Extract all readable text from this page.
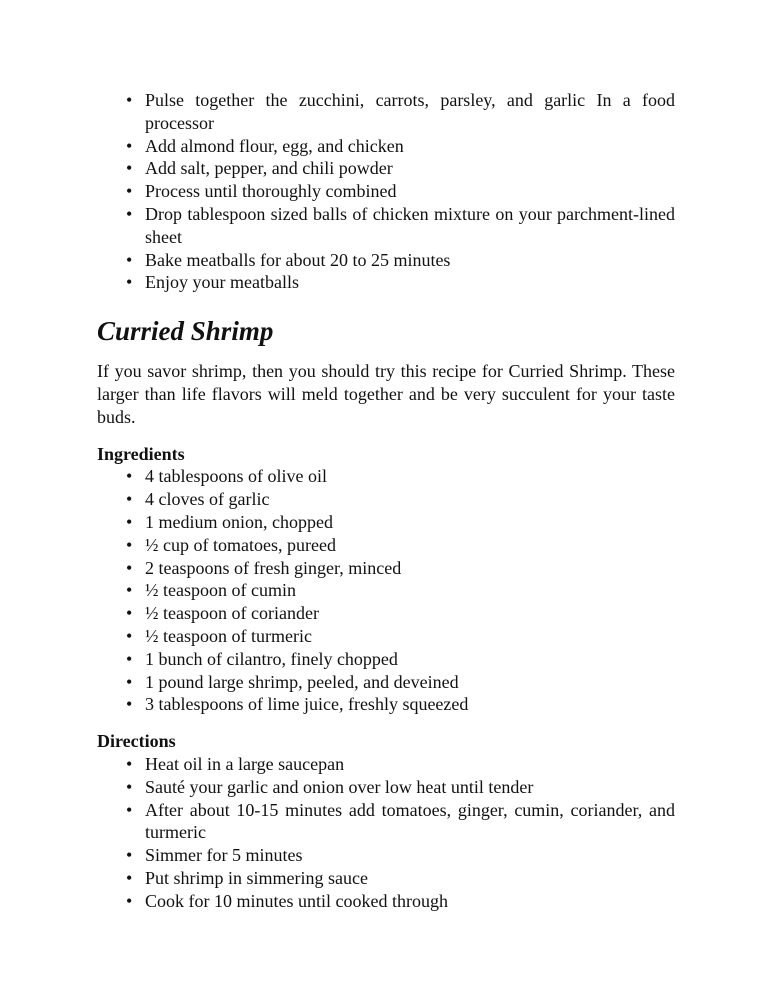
• Pulse together the zucchini, carrots, parsley, and garlic In a food processor
• Add almond flour, egg, and chicken
• Add salt, pepper, and chili powder
• Process until thoroughly combined
• Drop tablespoon sized balls of chicken mixture on your parchment-lined sheet
• Bake meatballs for about 20 to 25 minutes
• Enjoy your meatballs
Curried Shrimp

If you savor shrimp, then you should try this recipe for Curried Shrimp. These larger than life flavors will meld together and be very succulent for your taste buds.

Ingredients
• 4 tablespoons of olive oil
• 4 cloves of garlic
• 1 medium onion, chopped
• ½ cup of tomatoes, pureed
• 2 teaspoons of fresh ginger, minced
• ½ teaspoon of cumin
• ½ teaspoon of coriander
• ½ teaspoon of turmeric
• 1 bunch of cilantro, finely chopped
• 1 pound large shrimp, peeled, and deveined
• 3 tablespoons of lime juice, freshly squeezed
Directions
• Heat oil in a large saucepan
• Sauté your garlic and onion over low heat until tender
• After about 10-15 minutes add tomatoes, ginger, cumin, coriander, and turmeric
• Simmer for 5 minutes
• Put shrimp in simmering sauce
• Cook for 10 minutes until cooked through
